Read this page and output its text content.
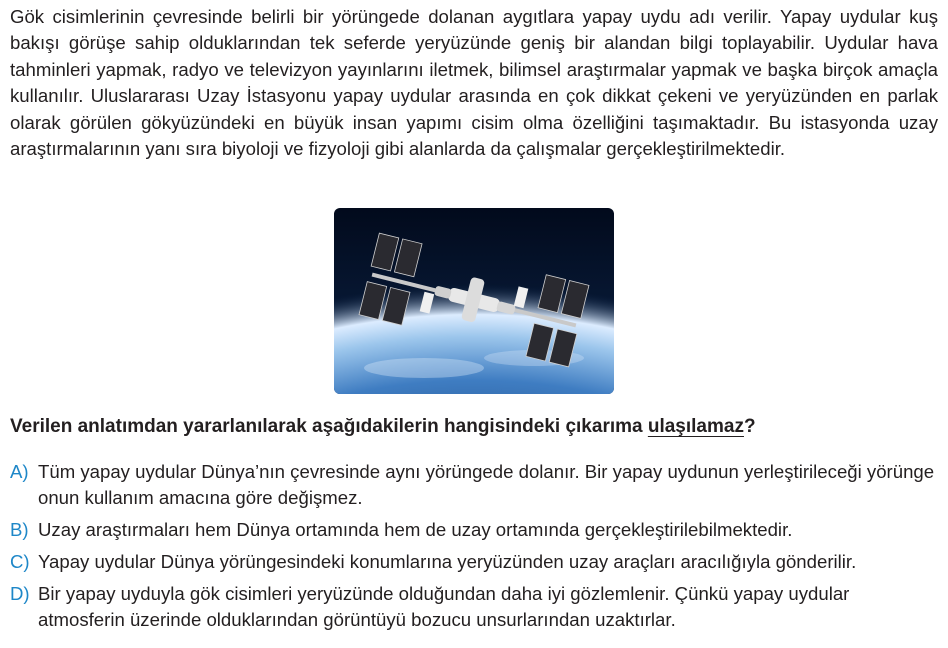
Gök cisimlerinin çevresinde belirli bir yörüngede dolanan aygıtlara yapay uydu adı verilir. Yapay uydular kuş bakışı görüşe sahip olduklarından tek seferde yeryüzünde geniş bir alandan bilgi toplayabilir. Uydular hava tahminleri yapmak, radyo ve televizyon yayınlarını iletmek, bilimsel araştırmalar yapmak ve başka birçok amaçla kullanılır. Uluslararası Uzay İstasyonu yapay uydular arasında en çok dikkat çekeni ve yeryüzünden en parlak olarak görülen gökyüzündeki en büyük insan yapımı cisim olma özelliğini taşımaktadır. Bu istasyonda uzay araştırmalarının yanı sıra biyoloji ve fizyoloji gibi alanlarda da çalışmalar gerçekleştirilmektedir.

Verilen anlatımdan yararlanılarak aşağıdakilerin hangisindeki çıkarıma ulaşılamaz?

A) Tüm yapay uydular Dünya’nın çevresinde aynı yörüngede dolanır. Bir yapay uydunun yerleştirileceği yörünge onun kullanım amacına göre değişmez.
B) Uzay araştırmaları hem Dünya ortamında hem de uzay ortamında gerçekleştirilebilmektedir.
C) Yapay uydular Dünya yörüngesindeki konumlarına yeryüzünden uzay araçları aracılığıyla gönderilir.
D) Bir yapay uyduyla gök cisimleri yeryüzünde olduğundan daha iyi gözlemlenir. Çünkü yapay uydular atmosferin üzerinde olduklarından görüntüyü bozucu unsurlarından uzaktırlar.
